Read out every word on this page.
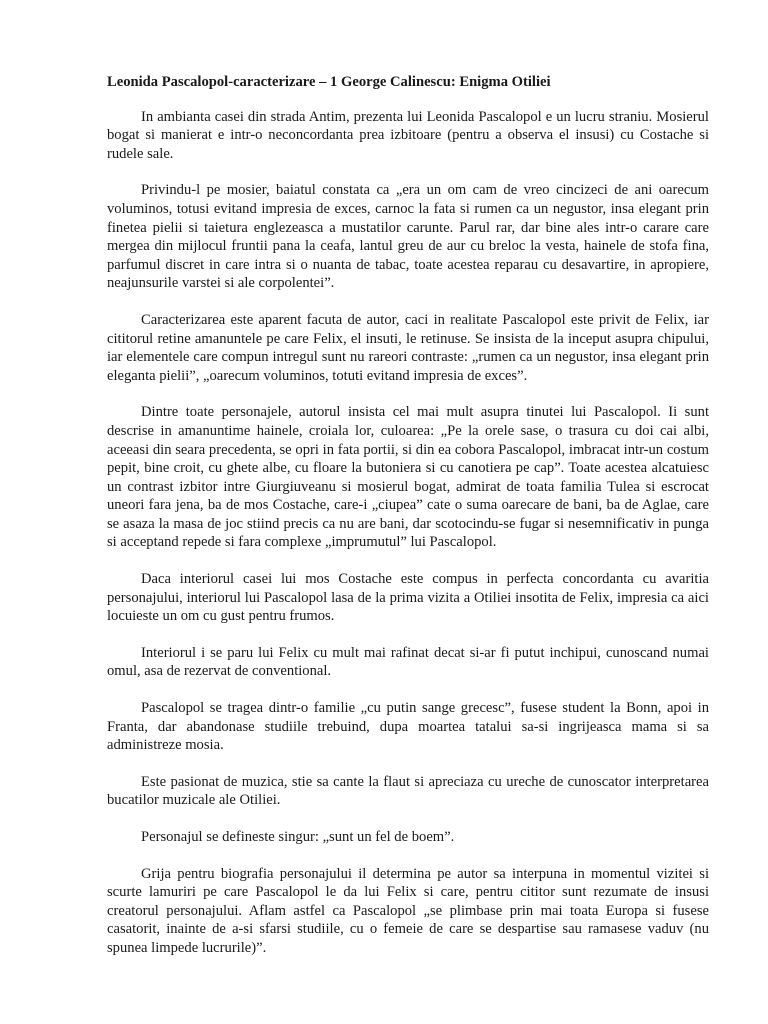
Leonida Pascalopol-caracterizare – 1 George Calinescu: Enigma Otiliei

In ambianta casei din strada Antim, prezenta lui Leonida Pascalopol e un lucru straniu. Mosierul bogat si manierat e intr-o neconcordanta prea izbitoare (pentru a observa el insusi) cu Costache si rudele sale.

Privindu-l pe mosier, baiatul constata ca „era un om cam de vreo cincizeci de ani oarecum voluminos, totusi evitand impresia de exces, carnoc la fata si rumen ca un negustor, insa elegant prin finetea pielii si taietura englezeasca a mustatilor carunte. Parul rar, dar bine ales intr-o carare care mergea din mijlocul fruntii pana la ceafa, lantul greu de aur cu breloc la vesta, hainele de stofa fina, parfumul discret in care intra si o nuanta de tabac, toate acestea reparau cu desavartire, in apropiere, neajunsurile varstei si ale corpolentei”.

Caracterizarea este aparent facuta de autor, caci in realitate Pascalopol este privit de Felix, iar cititorul retine amanuntele pe care Felix, el insuti, le retinuse. Se insista de la inceput asupra chipului, iar elementele care compun intregul sunt nu rareori contraste: „rumen ca un negustor, insa elegant prin eleganta pielii”, „oarecum voluminos, totuti evitand impresia de exces”.

Dintre toate personajele, autorul insista cel mai mult asupra tinutei lui Pascalopol. Ii sunt descrise in amanuntime hainele, croiala lor, culoarea: „Pe la orele sase, o trasura cu doi cai albi, aceeasi din seara precedenta, se opri in fata portii, si din ea cobora Pascalopol, imbracat intr-un costum pepit, bine croit, cu ghete albe, cu floare la butoniera si cu canotiera pe cap”. Toate acestea alcatuiesc un contrast izbitor intre Giurgiuveanu si mosierul bogat, admirat de toata familia Tulea si escrocat uneori fara jena, ba de mos Costache, care-i „ciupea” cate o suma oarecare de bani, ba de Aglae, care se asaza la masa de joc stiind precis ca nu are bani, dar scotocindu-se fugar si nesemnificativ in punga si acceptand repede si fara complexe „imprumutul” lui Pascalopol.

Daca interiorul casei lui mos Costache este compus in perfecta concordanta cu avaritia personajului, interiorul lui Pascalopol lasa de la prima vizita a Otiliei insotita de Felix, impresia ca aici locuieste un om cu gust pentru frumos.

Interiorul i se paru lui Felix cu mult mai rafinat decat si-ar fi putut inchipui, cunoscand numai omul, asa de rezervat de conventional.

Pascalopol se tragea dintr-o familie „cu putin sange grecesc”, fusese student la Bonn, apoi in Franta, dar abandonase studiile trebuind, dupa moartea tatalui sa-si ingrijeasca mama si sa administreze mosia.

Este pasionat de muzica, stie sa cante la flaut si apreciaza cu ureche de cunoscator interpretarea bucatilor muzicale ale Otiliei.

Personajul se defineste singur: „sunt un fel de boem”.

Grija pentru biografia personajului il determina pe autor sa interpuna in momentul vizitei si scurte lamuriri pe care Pascalopol le da lui Felix si care, pentru cititor sunt rezumate de insusi creatorul personajului. Aflam astfel ca Pascalopol „se plimbase prin mai toata Europa si fusese casatorit, inainte de a-si sfarsi studiile, cu o femeie de care se despartise sau ramasese vaduv (nu spunea limpede lucrurile)”.
